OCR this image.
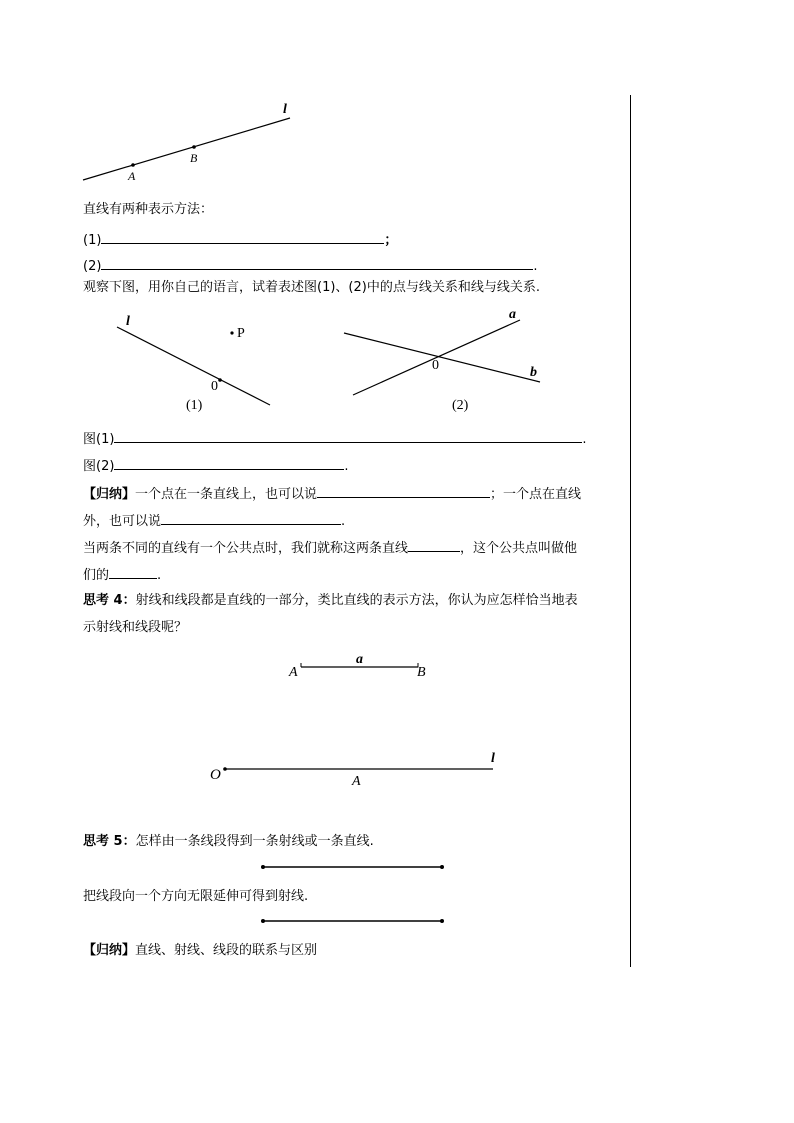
l
A
B
直线有两种表示方法：
(1)	；
(2)	.
观察下图，用你自己的语言，试着表述图(1)、(2)中的点与线关系和线与线关系.
l
P
0
(1)
a
b
0
(2)
图(1)	.
图(2)	.
【归纳】一个点在一条直线上，也可以说	；一个点在直线
外，也可以说	.
当两条不同的直线有一个公共点时，我们就称这两条直线	，这个公共点叫做他
们的	.
思考 4：射线和线段都是直线的一部分，类比直线的表示方法，你认为应怎样恰当地表
示射线和线段呢？
A
a
B
O	A
l
思考 5：怎样由一条线段得到一条射线或一条直线.
把线段向一个方向无限延伸可得到射线.
【归纳】直线、射线、线段的联系与区别
